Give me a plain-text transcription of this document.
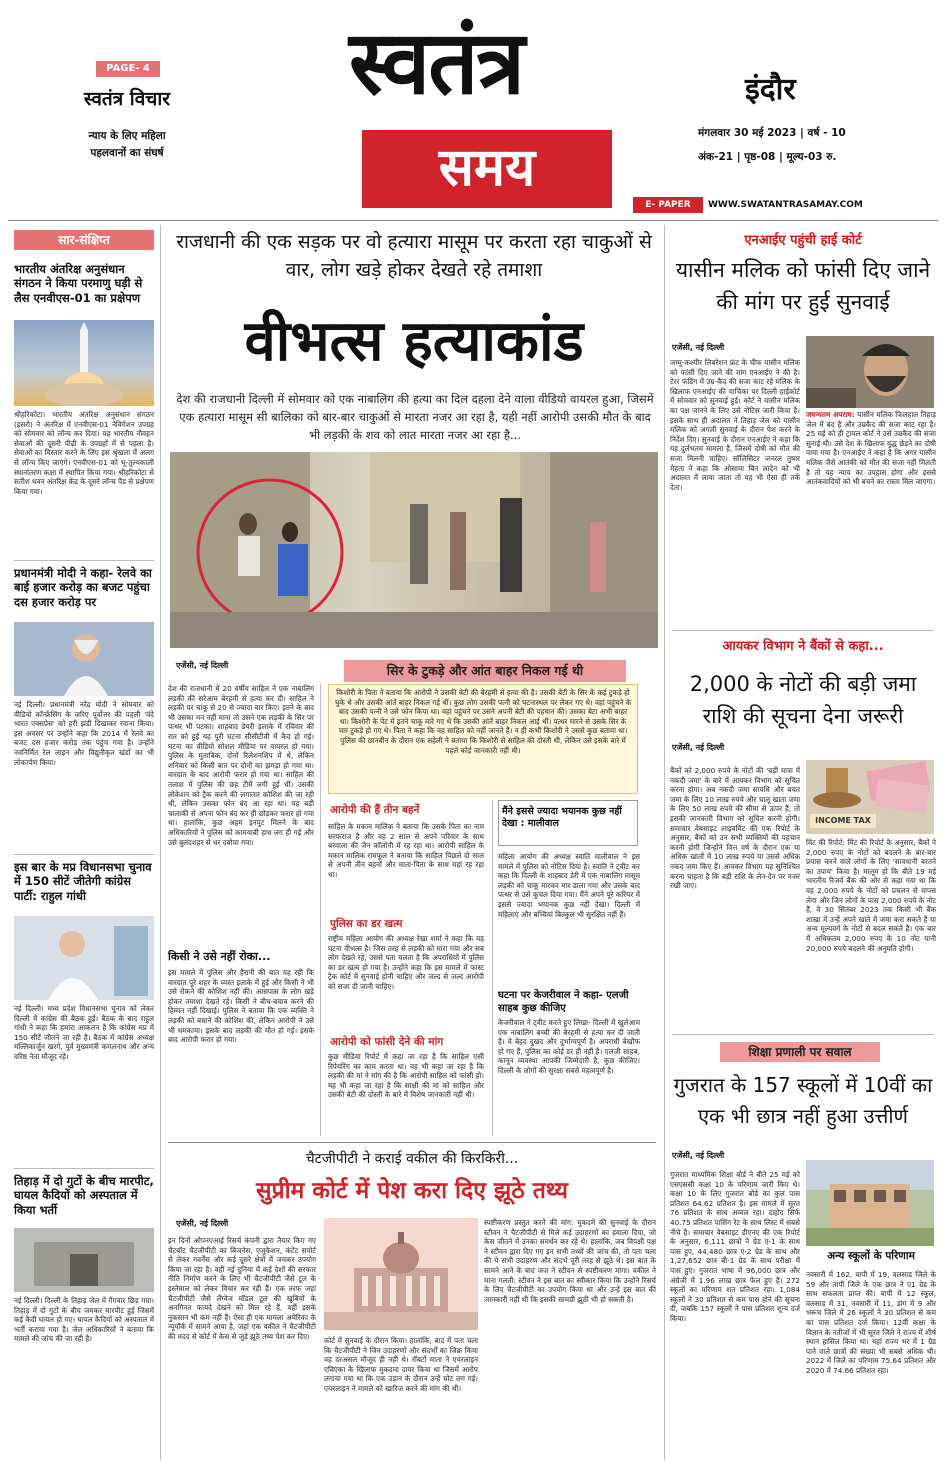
PAGE- 4
स्वतंत्र विचार
न्याय के लिए महिला
पहलवानों का संघर्ष
स्वतंत्र
समय
इंदौर
मंगलवार 30 मई 2023 | वर्ष - 10
अंक-21 | पृष्ठ-08 | मूल्य-03 रु.
E- PAPER	WWW.SWATANTRASAMAY.COM
सार-संक्षिप्त
भारतीय अंतरिक्ष अनुसंधान संगठन ने किया परमाणु घड़ी से लैस एनवीएस-01 का प्रक्षेपण
श्रीहरिकोटा। भारतीय अंतरिक्ष अनुसंधान संगठन (इसरो) ने अंतरिक्ष में एनवीएस-01 नेविगेशन उपग्रह को सोमवार को लॉन्च कर दिया। यह भारतीय नौवहन सेवाओं की दूसरी पीढ़ी के उपग्रहों में से पहला है। सेवाओं का विस्तार करने के लिए इस श्रृंखला में अलग से लॉन्च किए जाएंगे। एनवीएस-01 को भू-तुल्यकाली स्थानांतरण कक्षा में स्थापित किया गया। श्रीहरिकोटा से सतीश धवन अंतरिक्ष केंद्र के दूसरे लॉन्च पैड से प्रक्षेपण किया गया।
प्रधानमंत्री मोदी ने कहा- रेलवे का बाई हजार करोड़ का बजट पहुंचा दस हजार करोड़ पर
नई दिल्ली। प्रधानमंत्री नरेंद्र मोदी ने सोमवार को वीडियो कॉन्फ्रेंसिंग के जरिए पूर्वोत्तर की पहली 'वंदे भारत एक्सप्रेस' को हरी झंडी दिखाकर रवाना किया। इस अवसर पर उन्होंने कहा कि 2014 में रेलवे का बजट दस हजार करोड़ तक पहुंच गया है। उन्होंने नवनिर्मित रेल लाइन और विद्युतीकृत खंडों का भी लोकार्पण किया।
इस बार के मप्र विधानसभा चुनाव में 150 सीटें जीतेगी कांग्रेस पार्टी: राहुल गांधी
नई दिल्ली। मध्य प्रदेश विधानसभा चुनाव को लेकर दिल्ली में कांग्रेस की बैठक हुई। बैठक के बाद राहुल गांधी ने कहा कि हमारा आकलन है कि कांग्रेस मप्र में 150 सीटें जीतने जा रही है। बैठक में कांग्रेस अध्यक्ष मल्लिकार्जुन खरगे, पूर्व मुख्यमंत्री कमलनाथ और अन्य वरिष्ठ नेता मौजूद रहे।
तिहाड़ में दो गुटों के बीच मारपीट, घायल कैदियों को अस्पताल में किया भर्ती
नई दिल्ली। दिल्ली के तिहाड़ जेल में गैंगवार छिड़ गया। तिहाड़ में दो गुटों के बीच जमकर मारपीट हुई जिसमें कई कैदी घायल हो गए। घायल कैदियों को अस्पताल में भर्ती कराया गया है। जेल अधिकारियों ने बताया कि मामले की जांच की जा रही है।
राजधानी की एक सड़क पर वो हत्यारा मासूम पर करता रहा चाकुओं से वार, लोग खड़े होकर देखते रहे तमाशा
वीभत्स हत्याकांड
देश की राजधानी दिल्ली में सोमवार को एक नाबालिग की हत्या का दिल दहला देने वाला वीडियो वायरल हुआ, जिसमें एक हत्यारा मासूम सी बालिका को बार-बार चाकुओं से मारता नजर आ रहा है, यही नहीं आरोपी उसकी मौत के बाद भी लड़की के शव को लात मारता नजर आ रहा है...
एजेंसी, नई दिल्ली	सिर के टुकड़े और आंत बाहर निकल गई थी
देश की राजधानी में 20 वर्षीय साहिल ने एक नाबालिग लड़की की सरेआम बेरहमी से हत्या कर दी। साहिल ने लड़की पर चाकू से 20 से ज्यादा वार किए। इतने के बाद भी उसका मन नहीं माना तो उसने एक लड़की के सिर पर पत्थर भी पटका। शाहबाद डेयरी इलाके में रविवार की रात को हुई यह पूरी घटना सीसीटीवी में कैद हो गई। घटना का वीडियो सोशल मीडिया पर वायरल हो गया। पुलिस के मुताबिक, दोनों रिलेशनशिप में थे, लेकिन शनिवार को किसी बात पर दोनों का झगड़ा हो गया था। वारदात के बाद आरोपी फरार हो गया था। साहिल की तलाश में पुलिस की छह टीमें लगी हुई थीं। उसकी लोकेशन को ट्रैक करने की लगातार कोशिश की जा रही थी, लेकिन उसका फोन बंद आ रहा था। यह बड़ी चालाकी से अपना फोन बंद कर ही छोड़कर फरार हो गया था। हालांकि, कुछ अहम इनपुट मिलने के बाद अधिकारियों ने पुलिस को कामयाबी हाथ लग ही गई और उसे बुलंदशहर से धर दबोचा गया।
किसी ने उसे नहीं रोका...
इस मामले में पुलिस और हैरानी की बात यह रही कि वारदात पूरे शहर के व्यस्त इलाके में हुई और किसी ने भी उसे रोकने की कोशिश नहीं की। आसपास के लोग खड़े होकर तमाशा देखते रहे। किसी ने बीच-बचाव करने की हिम्मत नहीं दिखाई। पुलिस ने बताया कि एक व्यक्ति ने लड़की को बचाने की कोशिश की, लेकिन आरोपी ने उसे भी धमकाया। इसके बाद लड़की की मौत हो गई। इसके बाद आरोपी फरार हो गया।
किशोरी के पिता ने बताया कि आरोपी ने उसकी बेटी की बेरहमी से हत्या की है। उसकी बेटी के सिर के कई टुकड़े हो चुके थे और उसकी आंतें बाहर निकल गई थीं। कुछ लोग उसकी पत्नी को घटनास्थल पर लेकर गए थे। वहां पहुंचने के बाद उसकी पत्नी ने उसे फोन किया था। वहां पहुंचने पर उसने अपनी बेटी की पहचान की। उसका बेटा अभी बाहर था। किशोरी के पेट में इतने चाकू मारे गए थे कि उसकी आंतें बाहर निकल आई थीं। पत्थर मारने से उसके सिर के चार टुकड़े हो गए थे। पिता ने कहा कि वह साहिल को नहीं जानते हैं। न ही कभी किशोरी ने उससे कुछ बताया था। पुलिस की छानबीन के दौरान एक सहेली ने बताया कि किशोरी से साहिल की दोस्ती थी, लेकिन उसे इसके बारे में पहले कोई जानकारी नहीं थी।
आरोपी की हैं तीन बहनें
साहिल के मकान मालिक ने बताया कि उसके पिता का नाम सरफराज है और वह 2 साल से अपने परिवार के साथ बरवाला की जैन कॉलोनी में रह रहा था। आरोपी साहिल के मकान मालिक रामफूल ने बताया कि साहिल पिछले दो साल से अपनी तीन बहनों और माता-पिता के साथ यहां रह रहा था।
पुलिस का डर खत्म
राष्ट्रीय महिला आयोग की अध्यक्ष रेखा शर्मा ने कहा कि यह घटना वीभत्स है। जिस तरह से लड़की को मारा गया और सब लोग देखते रहे, उससे पता चलता है कि अपराधियों में पुलिस का डर खत्म हो गया है। उन्होंने कहा कि इस मामले में फास्ट ट्रैक कोर्ट में सुनवाई होनी चाहिए और जल्द से जल्द आरोपी को सजा दी जानी चाहिए।
आरोपी को फांसी देने की मांग
कुछ मीडिया रिपोर्ट में कहा जा रहा है कि साहिल एसी रिपेयरिंग का काम करता था। वह भी कहा जा रहा है कि लड़की की मां ने मांग की है कि आरोपी साहिल को फांसी हो। यह भी कहा जा रहा है कि साक्षी की मां को साहिल और उसकी बेटी की दोस्ती के बारे में विशेष जानकारी नहीं थी।
मैंने इससे ज्यादा भयानक कुछ नहीं देखा : मालीवाल
महिला आयोग की अध्यक्ष स्वाति मालीवाल ने इस मामले में पुलिस को नोटिस दिया है। स्वाति ने ट्वीट कर कहा कि दिल्ली के शाहबाद डेरी में एक नाबालिग मासूम लड़की को चाकू मारकर मार डाला गया और उसके बाद पत्थर से उसे कुचल दिया गया। मैंने अपने पूरे करियर में इससे ज्यादा भयानक कुछ नहीं देखा। दिल्ली में महिलाएं और बच्चियां बिल्कुल भी सुरक्षित नहीं हैं।
घटना पर केजरीवाल ने कहा- एलजी साहब कुछ कीजिए
केजरीवाल ने ट्वीट करते हुए लिखा- दिल्ली में खुलेआम एक नाबालिग बच्ची की बेरहमी से हत्या कर दी जाती है। ये बेहद दुखद और दुर्भाग्यपूर्ण है। अपराधी बेखौफ हो गए हैं, पुलिस का कोई डर ही नहीं है। एलजी साहब, कानून व्यवस्था आपकी जिम्मेदारी है, कुछ कीजिए। दिल्ली के लोगों की सुरक्षा सबसे महत्वपूर्ण है।
चैटजीपीटी ने कराई वकील की किरकिरी...
सुप्रीम कोर्ट में पेश करा दिए झूठे तथ्य
एजेंसी, नई दिल्ली
इन दिनों ओपनएआई रिसर्च कंपनी द्वारा तैयार किए गए चैटबॉट चैटजीपीटी का बिजनेस, एजुकेशन, कंटेंट सपोर्ट से लेकर गवर्नेंस और कई दूसरे क्षेत्रों में जमकर उपयोग किया जा रहा है। वहीं नई दुनिया में कई देशों की सरकार नीति निर्माण करने के लिए भी चैटजीपीटी जैसे टूल के इस्तेमाल को लेकर विचार कर रही हैं। एक तरफ जहां चैटजीपीटी जैसे लैंग्वेज मॉडल टूल की खूबियों के अनगिनत फायदे देखने को मिल रहे हैं, वहीं इसके नुकसान भी कम नहीं हैं। ऐसा ही एक मामला अमेरिका के न्यूयॉर्क में सामने आया है, जहां एक वकील ने चैटजीपीटी की मदद से कोर्ट में केस से जुड़े झूठे तथ्य पेश कर दिए।	कोर्ट में सुनवाई के दौरान किया। हालांकि, बाद में पता चला कि चैटजीपीटी ने जिन उदाहरणों और संदर्भों का जिक्र किया वह दरअसल मौजूद ही नहीं थे। रॉबर्टो माता ने एयरलाइन एविएंका के खिलाफ मुकदमा दायर किया था जिसमें आरोप लगाया गया था कि एक उड़ान के दौरान उन्हें चोट लग गई। एयरलाइन ने मामले को खारिज करने की मांग की थी।
स्पष्टीकरण प्रस्तुत करने की मांग: मुकदमे की सुनवाई के दौरान स्टीवन ने चैटजीपीटी से मिले कई उदाहरणों का हवाला दिया, जो केस जीतने में उनका समर्थन कर रहे थे। हालांकि, जब विपक्षी पक्ष ने स्टीवन द्वारा दिए गए इन सभी तथ्यों की जांच की, तो पता चला की ये सभी उदाहरण और संदर्भ पूरी तरह से झूठे थे। इस बात के सामने आने के बाद जज ने स्टीवन से स्पष्टीकरण मांगा। वकील ने माना गलती: स्टीवन ने इस बात का स्वीकार किया कि उन्होंने रिसर्च के लिए चैटजीपीटी का उपयोग किया था और उन्हें इस बात की जानकारी नहीं थी कि इसकी सामग्री झूठी भी हो सकती है।
एनआईए पहुंची हाई कोर्ट
यासीन मलिक को फांसी दिए जाने की मांग पर हुई सुनवाई
एजेंसी, नई दिल्ली
जम्मू-कश्मीर लिबरेशन फ्रंट के चीफ यासीन मलिक को फांसी दिए जाने की मांग एनआईए ने की है। टेरर फंडिंग में उम्र-कैद की सजा काट रहे मलिक के खिलाफ एनआईए की याचिका पर दिल्ली हाईकोर्ट में सोमवार को सुनवाई हुई। कोर्ट ने यासीन मलिक का पक्ष जानने के लिए उसे नोटिस जारी किया है। इसके साथ ही अदालत ने तिहाड़ जेल को यासीन मलिक को अगली सुनवाई के दौरान पेश करने के निर्देश दिए। सुनवाई के दौरान एनआईए ने कहा कि यह दुर्लभतम मामला है, जिसमें दोषी को मौत की सजा मिलनी चाहिए। सॉलिसिटर जनरल तुषार मेहता ने कहा कि ओसामा बिन लादेन को भी अदालत में लाया जाता तो वह भी ऐसा ही तर्क देता।
जघन्यतम अपराध: यासीन मलिक फिलहाल तिहाड़ जेल में बंद है और उम्रकैद की सजा काट रहा है। 25 मई को ही ट्रायल कोर्ट ने उसे उम्रकैद की सजा सुनाई थी। उसे देश के खिलाफ युद्ध छेड़ने का दोषी पाया गया है। एनआईए ने कहा है कि अगर यासीन मलिक जैसे आतंकी को मौत की सजा नहीं मिलती है तो यह न्याय का उपहास होगा और इससे आतंकवादियों को भी बचने का रास्ता मिल जाएगा।
आयकर विभाग ने बैंकों से कहा...
2,000 के नोटों की बड़ी जमा राशि की सूचना देना जरूरी
एजेंसी, नई दिल्ली
बैंकों को 2,000 रुपये के नोटों की 'बड़ी मात्रा में नकदी जमा' के बारे में आयकर विभाग को सूचित करना होगा। अब नकदी जमा सावधि और बचत जमा के लिए 10 लाख रुपये और चालू खाता जमा के लिए 50 लाख रुपये की सीमा से ऊपर हैं, तो इसकी जानकारी विभाग को सूचित करनी होगी। समाचार वेबसाइट लाइवमिंट की एक रिपोर्ट के अनुसार, बैंकों को उन सभी व्यक्तियों की पहचान करनी होगी जिन्होंने वित्त वर्ष के दौरान एक या अधिक खातों में 10 लाख रुपये या उससे अधिक नकद जमा किए हैं। आयकर विभाग यह सुनिश्चित करना चाहता है कि बड़ी राशि के लेन-देन पर नजर रखी जाए।
INCOME TAX
मिंट की रिपोर्ट: मिंट की रिपोर्ट के अनुसार, बैंकों ने 2,000 रुपए के नोटों को बदलने के बार-बार प्रयास करने वाले लोगों के लिए 'सावधानी बरतने का उपाय' किया है। मालूम हो कि बीते 19 मई भारतीय रिजर्व बैंक की ओर से कहा गया था कि वह 2,000 रुपये के नोटों को प्रचलन से वापस लेगा और जिन लोगों के पास 2,000 रुपये के नोट हैं, वे 30 सितंबर 2023 तक किसी भी बैंक शाखा में उन्हें अपने खाते में जमा करा सकते हैं या अन्य मूल्यवर्ग के नोटों से बदल सकते हैं। एक बार में अधिकतम 2,000 रुपए के 10 नोट यानी 20,000 रुपये बदलने की अनुमति होगी।
शिक्षा प्रणाली पर सवाल
गुजरात के 157 स्कूलों में 10वीं का एक भी छात्र नहीं हुआ उत्तीर्ण
एजेंसी, नई दिल्ली
गुजरात माध्यमिक शिक्षा बोर्ड ने बीते 25 मई को एसएससी कक्षा 10 के परिणाम जारी किए थे। कक्षा 10 के लिए गुजरात बोर्ड का कुल पास प्रतिशत 64.62 प्रतिशत है। इस मामले में सूरत 76 प्रतिशत के साथ अव्वल रहा। दाहोद सिर्फ 40.75 प्रतिशत पासिंग रेट के साथ लिस्ट में सबसे नीचे है। समाचार वेबसाइट डीएनए की एक रिपोर्ट के अनुसार, 6,111 छात्रों ने ग्रेड ए-1 के साथ पास हुए, 44,480 छात्र ए-2 ग्रेड के साथ और 1,27,652 छात्र बी-1 ग्रेड के साथ परीक्षा में पास हुए। गुजरात भाषा में 96,000 छात्र और अंग्रेजी में 1.96 लाख छात्र फेल हुए हैं। 272 स्कूलों का परिणाम शत प्रतिशत रहा। 1,084 स्कूलों ने 30 प्रतिशत से कम पास होने की सूचना दी, जबकि 157 स्कूलों ने पास प्रतिशत शून्य दर्ज किया।
अन्य स्कूलों के परिणाम
नवसारी में 162, वापी में 19, वलसाड जिले के 59 और तापी जिले के एक छात्र ने ए1 ग्रेड के साथ सफलता प्राप्त की। वापी में 12 स्कूल, वलसाड में 31, नवसारी में 11, डांग में 9 और भरूच जिले में 26 स्कूलों ने 30 प्रतिशत से कम का पास प्रतिशत दर्ज किया। 12वीं कक्षा के विज्ञान के नतीजों में भी सूरत जिले ने राज्य में शीर्ष स्थान हासिल किया था। यहां राज्य भर में 1 ग्रेड पाने वाले छात्रों की संख्या भी सबसे अधिक थी। 2022 में जिले का परिणाम 75.64 प्रतिशत और 2020 में 74.66 प्रतिशत रहा।
